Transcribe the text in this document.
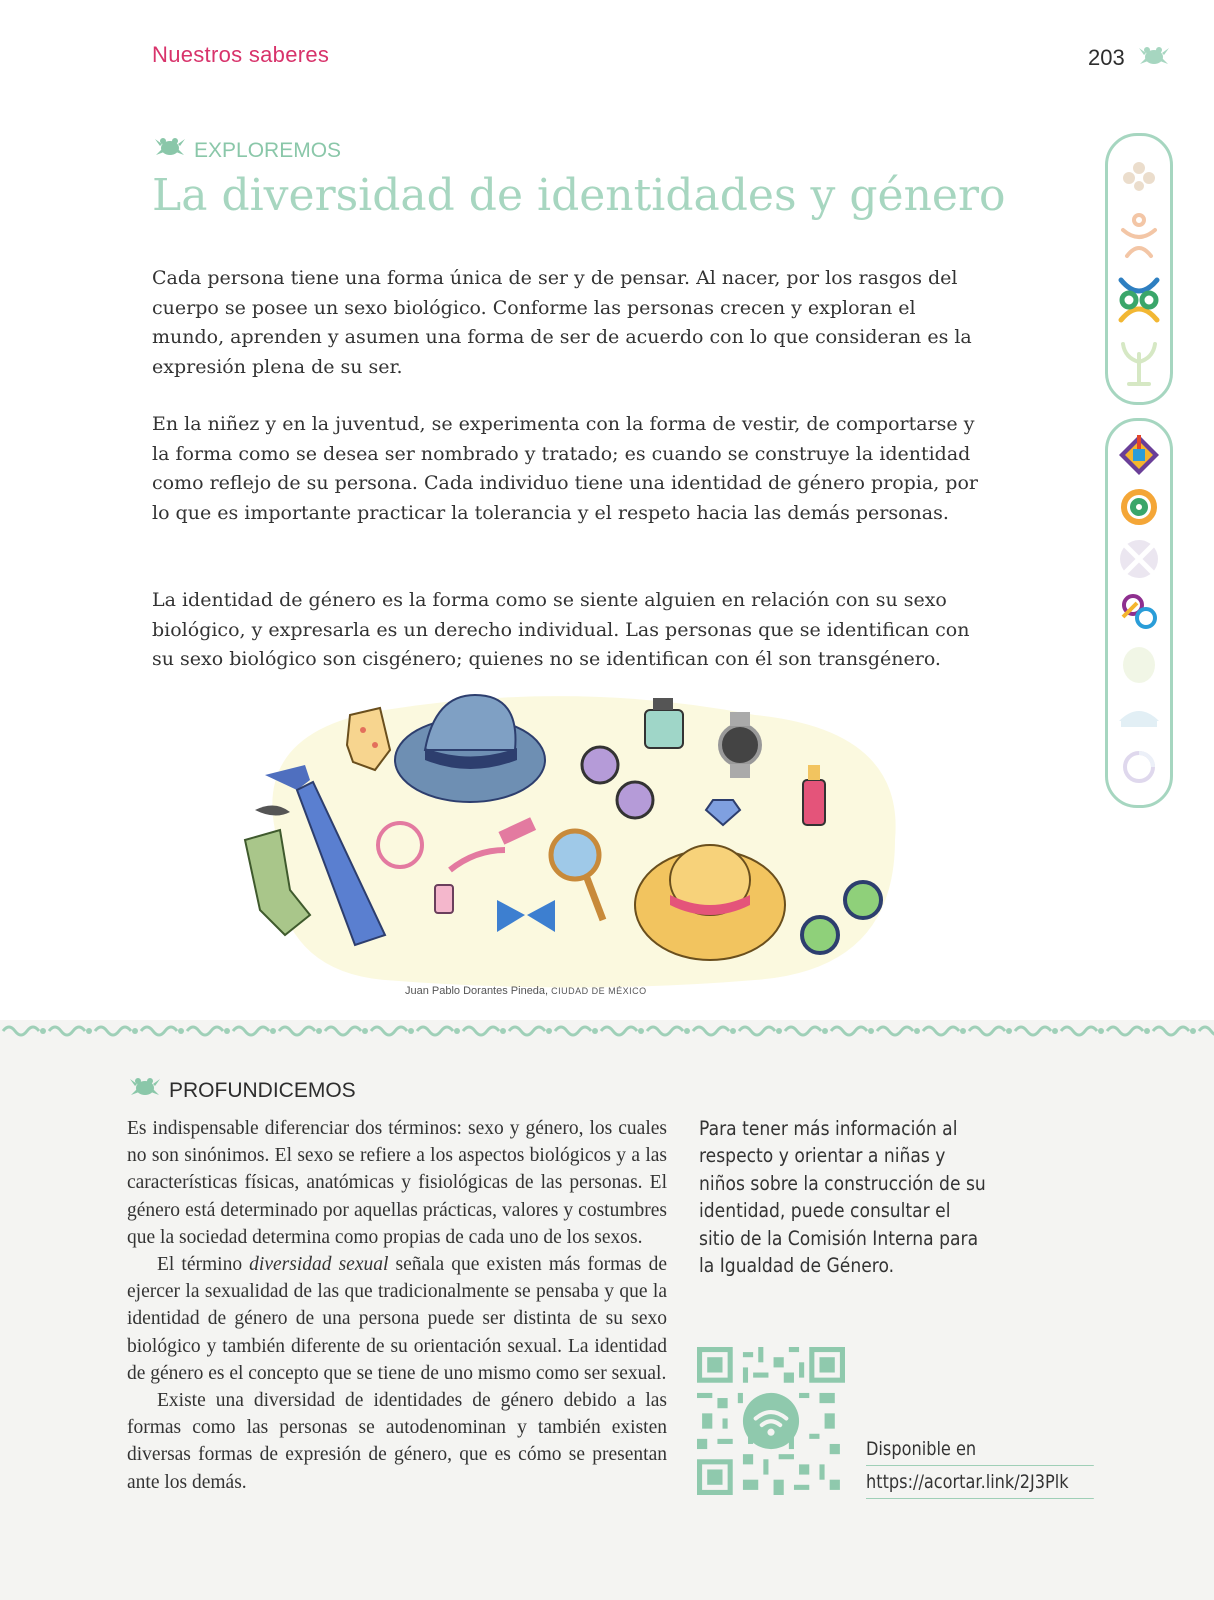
Nuestros saberes	203
EXPLOREMOS
La diversidad de identidades y género

Cada persona tiene una forma única de ser y de pensar. Al nacer, por los rasgos del cuerpo se posee un sexo biológico. Conforme las personas crecen y exploran el mundo, aprenden y asumen una forma de ser de acuerdo con lo que consideran es la expresión plena de su ser.

En la niñez y en la juventud, se experimenta con la forma de vestir, de comportarse y la forma como se desea ser nombrado y tratado; es cuando se construye la identidad como reflejo de su persona. Cada individuo tiene una identidad de género propia, por lo que es importante practicar la tolerancia y el respeto hacia las demás personas.

La identidad de género es la forma como se siente alguien en relación con su sexo biológico, y expresarla es un derecho individual. Las personas que se identifican con su sexo biológico son cisgénero; quienes no se identifican con él son transgénero.

Juan Pablo Dorantes Pineda, CIUDAD DE MÉXICO
PROFUNDICEMOS

Es indispensable diferenciar dos términos: sexo y género, los cuales no son sinónimos. El sexo se refiere a los aspectos biológicos y a las características físicas, anatómicas y fisiológicas de las personas. El género está determinado por aquellas prácticas, valores y costumbres que la sociedad determina como propias de cada uno de los sexos.

El término diversidad sexual señala que existen más formas de ejercer la sexualidad de las que tradicionalmente se pensaba y que la identidad de género de una persona puede ser distinta de su sexo biológico y también diferente de su orientación sexual. La identidad de género es el concepto que se tiene de uno mismo como ser sexual.

Existe una diversidad de identidades de género debido a las formas como las personas se autodenominan y también existen diversas formas de expresión de género, que es cómo se presentan ante los demás.

Para tener más información al respecto y orientar a niñas y niños sobre la construcción de su identidad, puede consultar el sitio de la Comisión Interna para la Igualdad de Género.

Disponible en
https://acortar.link/2J3Plk
